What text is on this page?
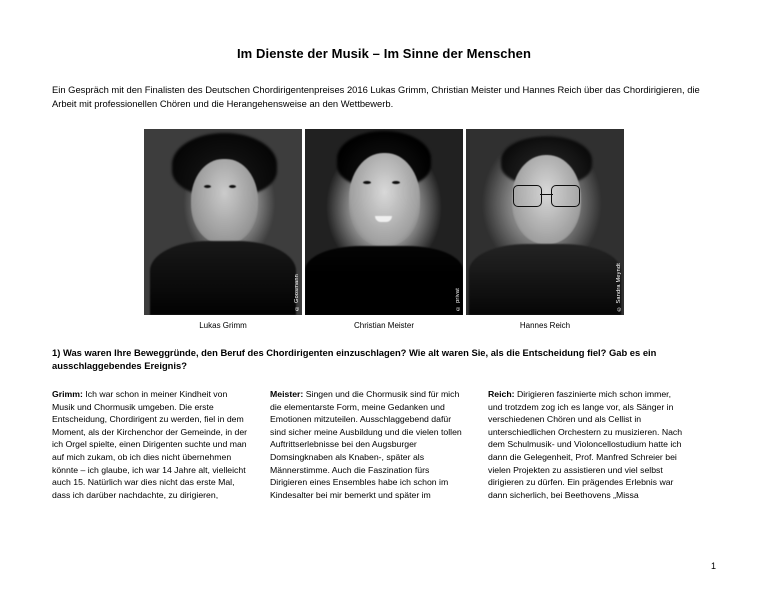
Im Dienste der Musik – Im Sinne der Menschen
Ein Gespräch mit den Finalisten des Deutschen Chordirigentenpreises 2016 Lukas Grimm, Christian Meister und Hannes Reich über das Chordirigieren, die Arbeit mit professionellen Chören und die Herangehensweise an den Wettbewerb.
© Goosmann	© privat	© Sandra Meyndt
Lukas Grimm	Christian Meister	Hannes Reich
1) Was waren Ihre Beweggründe, den Beruf des Chordirigenten einzuschlagen? Wie alt waren Sie, als die Entscheidung fiel? Gab es ein ausschlaggebendes Ereignis?
Grimm: Ich war schon in meiner Kindheit von Musik und Chormusik umgeben. Die erste Entscheidung, Chordirigent zu werden, fiel in dem Moment, als der Kirchenchor der Gemeinde, in der ich Orgel spielte, einen Dirigenten suchte und man auf mich zukam, ob ich dies nicht übernehmen könnte – ich glaube, ich war 14 Jahre alt, vielleicht auch 15. Natürlich war dies nicht das erste Mal, dass ich darüber nachdachte, zu dirigieren,
Meister: Singen und die Chormusik sind für mich die elementarste Form, meine Gedanken und Emotionen mitzuteilen. Ausschlaggebend dafür sind sicher meine Ausbildung und die vielen tollen Auftrittserlebnisse bei den Augsburger Domsingknaben als Knaben-, später als Männerstimme. Auch die Faszination fürs Dirigieren eines Ensembles habe ich schon im Kindesalter bei mir bemerkt und später im
Reich: Dirigieren faszinierte mich schon immer, und trotzdem zog ich es lange vor, als Sänger in verschiedenen Chören und als Cellist in unterschiedlichen Orchestern zu musizieren. Nach dem Schulmusik- und Violoncellostudium hatte ich dann die Gelegenheit, Prof. Manfred Schreier bei vielen Projekten zu assistieren und viel selbst dirigieren zu dürfen. Ein prägendes Erlebnis war dann sicherlich, bei Beethovens „Missa
1
